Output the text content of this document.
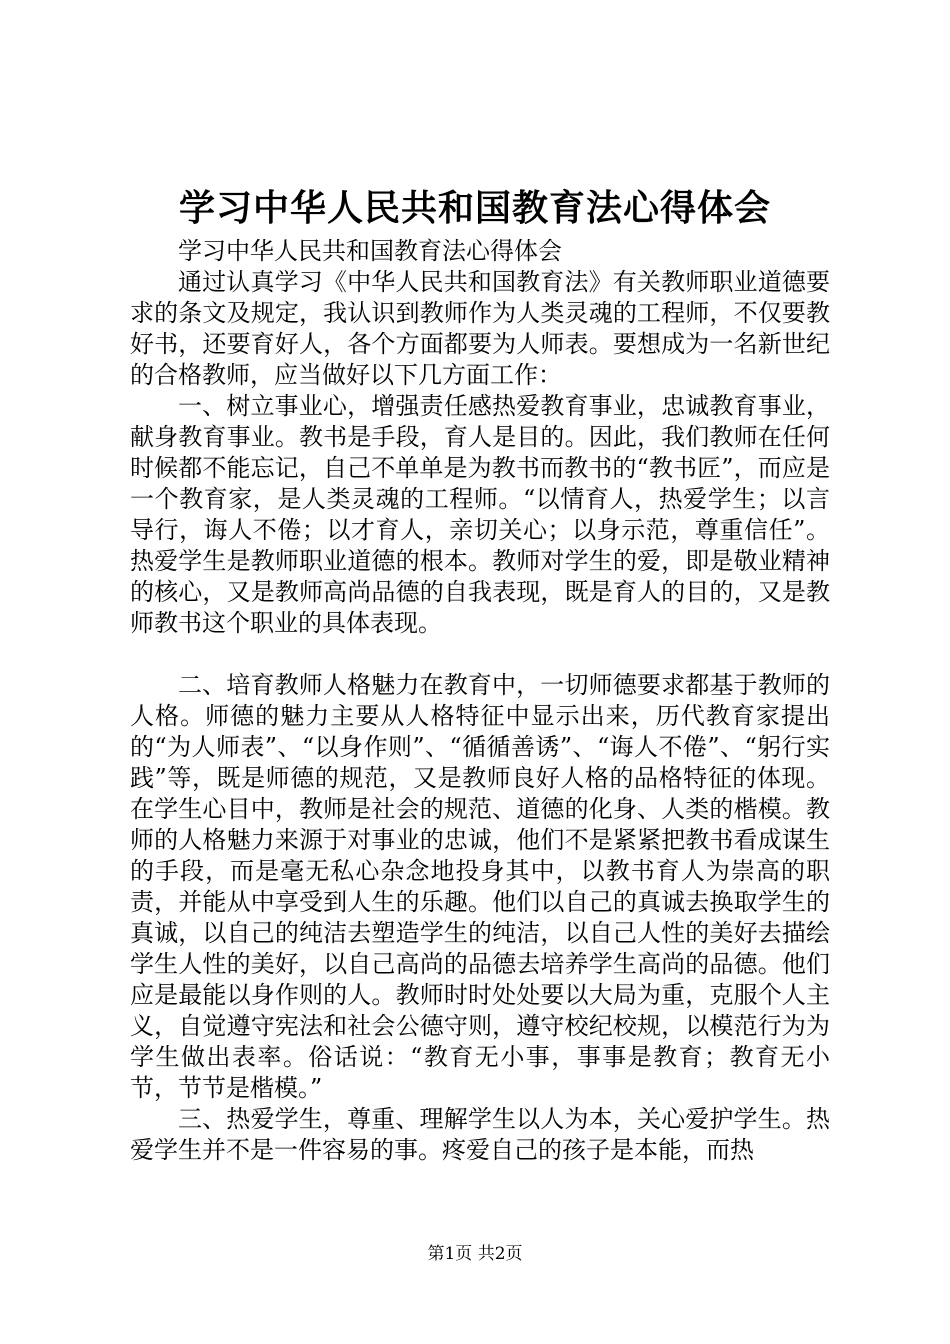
学习中华人民共和国教育法心得体会

学习中华人民共和国教育法心得体会

通过认真学习《中华人民共和国教育法》有关教师职业道德要求的条文及规定，我认识到教师作为人类灵魂的工程师，不仅要教好书，还要育好人，各个方面都要为人师表。要想成为一名新世纪的合格教师，应当做好以下几方面工作：

一、树立事业心，增强责任感热爱教育事业，忠诚教育事业，献身教育事业。教书是手段，育人是目的。因此，我们教师在任何时候都不能忘记，自己不单单是为教书而教书的“教书匠”，而应是一个教育家，是人类灵魂的工程师。“以情育人，热爱学生；以言导行，诲人不倦；以才育人，亲切关心；以身示范，尊重信任”。热爱学生是教师职业道德的根本。教师对学生的爱，即是敬业精神的核心，又是教师高尚品德的自我表现，既是育人的目的，又是教师教书这个职业的具体表现。

二、培育教师人格魅力在教育中，一切师德要求都基于教师的人格。师德的魅力主要从人格特征中显示出来，历代教育家提出的“为人师表”、“以身作则”、“循循善诱”、“诲人不倦”、“躬行实践”等，既是师德的规范，又是教师良好人格的品格特征的体现。在学生心目中，教师是社会的规范、道德的化身、人类的楷模。教师的人格魅力来源于对事业的忠诚，他们不是紧紧把教书看成谋生的手段，而是毫无私心杂念地投身其中，以教书育人为崇高的职责，并能从中享受到人生的乐趣。他们以自己的真诚去换取学生的真诚，以自己的纯洁去塑造学生的纯洁，以自己人性的美好去描绘学生人性的美好，以自己高尚的品德去培养学生高尚的品德。他们应是最能以身作则的人。教师时时处处要以大局为重，克服个人主义，自觉遵守宪法和社会公德守则，遵守校纪校规，以模范行为为学生做出表率。俗话说：“教育无小事，事事是教育；教育无小节，节节是楷模。”

三、热爱学生，尊重、理解学生以人为本，关心爱护学生。热爱学生并不是一件容易的事。疼爱自己的孩子是本能，而热

第1页 共2页
